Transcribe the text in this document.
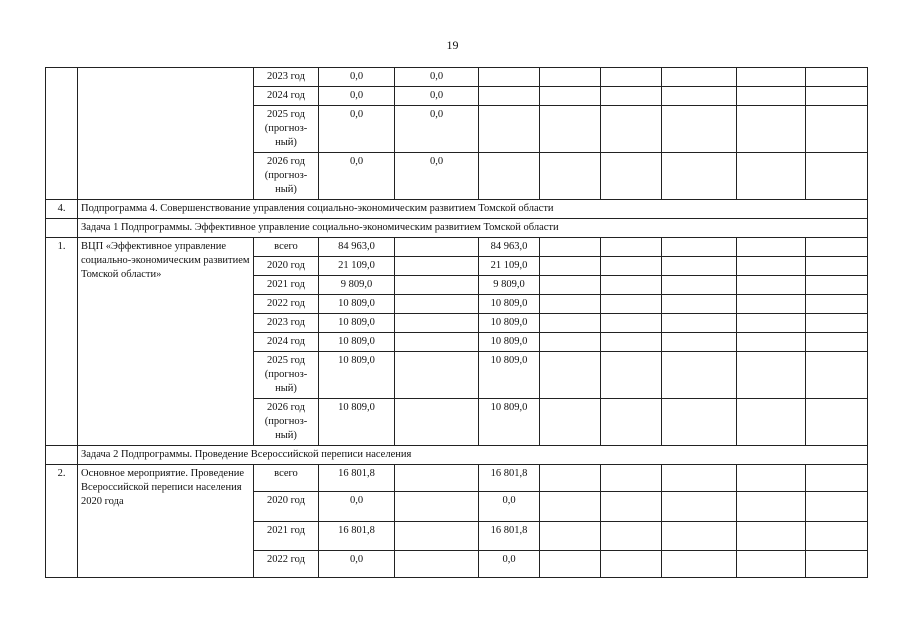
19
		2023 год	0,0	0,0						
		2024 год	0,0	0,0						
		2025 год (прогноз-ный)	0,0	0,0						
		2026 год (прогноз-ный)	0,0	0,0						
4.	Подпрограмма 4. Совершенствование управления социально-экономическим развитием Томской области									
	Задача 1 Подпрограммы. Эффективное управление социально-экономическим развитием Томской области									
1.	ВЦП «Эффективное управление социально-экономическим развитием Томской области»	всего	84 963,0		84 963,0					
		2020 год	21 109,0		21 109,0					
		2021 год	9 809,0		9 809,0					
		2022 год	10 809,0		10 809,0					
		2023 год	10 809,0		10 809,0					
		2024 год	10 809,0		10 809,0					
		2025 год (прогноз-ный)	10 809,0		10 809,0					
		2026 год (прогноз-ный)	10 809,0		10 809,0					
	Задача 2 Подпрограммы. Проведение Всероссийской переписи населения									
2.	Основное мероприятие. Проведение Всероссийской переписи населения 2020 года	всего	16 801,8		16 801,8					
		2020 год	0,0		0,0					
		2021 год	16 801,8		16 801,8					
		2022 год	0,0		0,0					
